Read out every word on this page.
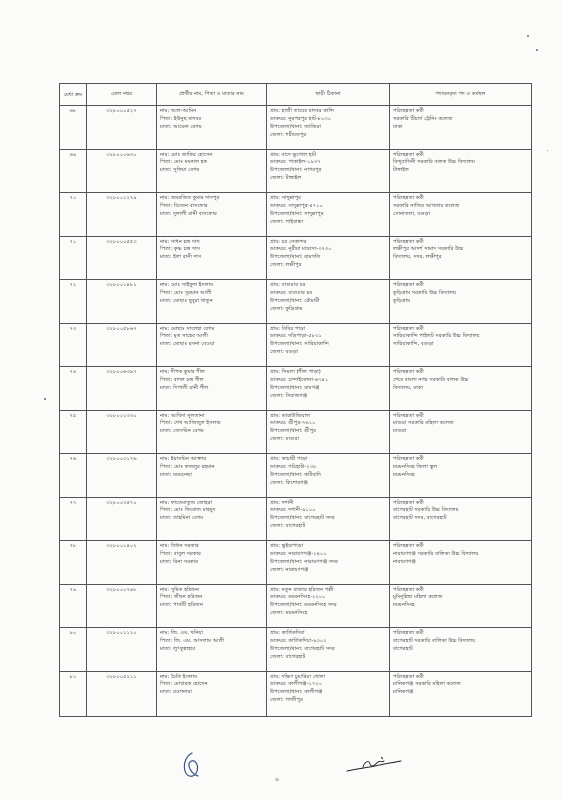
মেধা ক্রম	রোল নম্বর	প্রার্থীর নাম, পিতা ও মাতার নাম	স্থায়ী ঠিকানা	পদায়নকৃত পদ ও কর্মস্থল
৬৮	৩২৮০০০৫২৭	নাম: আল-আমিন
পিতা: ইউনুছ মাদবর
মাতা: আমেনা বেগম	গ্রাম: হাজী তায়ের মাদবর কান্দি
ডাকঘর: নুরপরপুর হাট-৮০৩০
উপজেলা/থানা: জাজিরা
জেলা: শরীয়তপুর	পরিচ্ছন্নতা কর্মী
সরকারি টিচার্স ট্রেনিং কলেজ
ঢাকা

৬৯	৩২৮০০০৬৩০	নাম: মোঃ জাকির হোসেন
পিতা: মোঃ ময়নাল হক
মাতা: সুফিয়া বেগম	গ্রাম: বাদে ভুগোল হাট
ডাকঘর: পাকাইল-১৯৩৭
উপজেলা/থানা: নাগরপুর
জেলা: টাঙ্গাইল	পরিচ্ছন্নতা কর্মী
বিন্দুবাসিনী সরকারি বালক উচ্চ বিদ্যালয়
টাঙ্গাইল

৭০	৩২৮০০১২৭৯	নাম: অমরজিত কুমার দাসপুর
পিতা: বিজেন বাসফোর
মাতা: দুলালী রানী বাসফোর	গ্রাম: সাদুল্লাপুর
ডাকঘর: সাদুল্লাপুর-৫৭১০
উপজেলা/থানা: সাদুল্লাপুর
জেলা: গাইবান্ধা	পরিচ্ছন্নতা কর্মী
সরকারি নাজির আখতার কলেজ
সোনাতলা, বগুড়া

৭১	৩২৮০০০৫৫৩	নাম: সাধন চন্দ্র দাস
পিতা: কৃষ্ণ চন্দ্র দাস
মাতা: ইলা রানী দাস	গ্রাম: চর সেকান্দর
ডাকঘর: নুরীয়া মাদ্রাসা-৩৭৩০
উপজেলা/থানা: রামগতি
জেলা: লক্ষীপুর	পরিচ্ছন্নতা কর্মী
লক্ষীপুর আদর্শ সামাদ সরকারি উচ্চ
বিদ্যালয়, সদর, লক্ষীপুর

৭২	৩২৮০০১৪৮১	নাম: মোঃ সাইফুল ইসলাম
পিতা: মোঃ সুরমান আলী
মাতা: মোছাঃ ছুবুরা খাতুন	গ্রাম: বাগুয়ার চর
ডাকঘর: বাগুয়ার চর
উপজেলা/থানা: রৌমারী
জেলা: কুড়িগ্রাম	পরিচ্ছন্নতা কর্মী
কুড়িগ্রাম সরকারি উচ্চ বিদ্যালয়
কুড়িগ্রাম

৭৩	৩২৮০০৫৮৬৭	নাম: মোছাঃ সালেহা বেগম
পিতা: মৃত সাহেব আলী
মাতা: মোছাঃ রসনা বেওয়া	গ্রাম: বিবির পাড়া
ডাকঘর: দড়িপাড়া-৫৮৩১
উপজেলা/থানা: সারিয়াকান্দি
জেলা: বগুড়া	পরিচ্ছন্নতা কর্মী
সারিয়াকান্দি পাইলট সরকারি উচ্চ বিদ্যালয়
সারিয়াকান্দি, বগুড়া

৭৪	৩২৮০০৬৩৯৭	নাম: দীপক কুমার শীল
পিতা: বাদল চন্দ্র শীল
মাতা: দিপালী রানী শীল	গ্রাম: সিমলা (শীল পাড়া)
ডাকঘর: চান্দাইকোনা-৬৭৪১
উপজেলা/থানা: রায়গঞ্জ
জেলা: সিরাজগঞ্জ	পরিচ্ছন্নতা কর্মী
শেরে বাংলা নগর সরকারি বালক উচ্চ
বিদ্যালয়, ঢাকা

৭৫	৩২৮০০১৩৩০	নাম: আবিদা সুলতানা
পিতা: শেখ আজিজুল ইসলাম
মাতা: জেসমিন বেগম	গ্রাম: তারাউজিয়াল
ডাকঘর: শ্রীপুর-৭৬১০
উপজেলা/থানা: শ্রীপুর
জেলা: মাগুরা	পরিচ্ছন্নতা কর্মী
মাগুরা সরকারি মহিলা কলেজ
মাগুরা

৭৬	৩২৮০০৩১৭৬	নাম: ইয়াসমিন আক্তার
পিতা: মোঃ ফজলুর রহমান
মাতা: ময়মনেছা	গ্রাম: কাচারী পাড়া
ডাকঘর: গচিহাটা-২৩৮
উপজেলা/থানা: কটিয়াদি
জেলা: কিশোরগঞ্জ	পরিচ্ছন্নতা কর্মী
ময়মনসিংহ জিলা স্কুল
ময়মনসিংহ

৭৭	৩২৮০০৩৫৭০	নাম: ফাতেমাতুজ জোহরা
পিতা: মোঃ ফিরোজ মাহমুদ
মাতা: তাহমিনা বেগম	গ্রাম: দশানী
ডাকঘর: দশানী-৯১০০
উপজেলা/থানা: বাগেরহাট সদর
জেলা: বাগেরহাট	পরিচ্ছন্নতা কর্মী
বাগেরহাট সরকারি উচ্চ বিদ্যালয়
বাগেরহাট সদর, বাগেরহাট

৭৮	৩২৮০০১৪০২	নাম: বিধান সরকার
পিতা: বাবুল সরকার
মাতা: রিনা সরকার	গ্রাম: ভুইয়াপাড়া
ডাকঘর: নারায়ণগঞ্জ-১৪০০
উপজেলা/থানা: নারায়ণগঞ্জ সদর
জেলা: নারায়ণগঞ্জ	পরিচ্ছন্নতা কর্মী
নারায়ণগঞ্জ সরকারি বালিকা উচ্চ বিদ্যালয়
নারায়ণগঞ্জ

৭৯	৩২৮০০০৭৪৮	নাম: সুমিত হরিজন
পিতা: জীবন হরিজন
মাতা: পার্বতী হরিজন	গ্রাম: নতুন বাজার হরিজন পল্লী
ডাকঘর: ময়মনসিংহ-২২০০
উপজেলা/থানা: ময়মনসিংহ সদর
জেলা: ময়মনসিংহ	পরিচ্ছন্নতা কর্মী
মুমিনুন্নিছা মহিলা কলেজ
ময়মনসিংহ

৮০	৩২৮০০১১২০	নাম: জি. এম. খনিয়া
পিতা: জি. এম. আসলাম আলী
মাতা: লুৎফুন্নাহার	গ্রাম: কার্তিকদিয়া
ডাকঘর: কার্তিকদিয়া-৯৩০২
উপজেলা/থানা: বাগেরহাট সদর
জেলা: বাগেরহাট	পরিচ্ছন্নতা কর্মী
বাগেরহাট সরকারি বালিকা উচ্চ বিদ্যালয়
বাগেরহাট

৮১	৩২৮০০৫২১১	নাম: চৈতি ইসলাম
পিতা: মোবারক হোসেন
মাতা: রওশনারা	গ্রাম: দক্ষিণ চুয়ারিয়া খোলা
ডাকঘর: কালীগঞ্জ-১৭২০
উপজেলা/থানা: কালীগঞ্জ
জেলা: গাজীপুর	পরিচ্ছন্নতা কর্মী
মানিকগঞ্জ সরকারি মহিলা কলেজ
মানিকগঞ্জ
৬
